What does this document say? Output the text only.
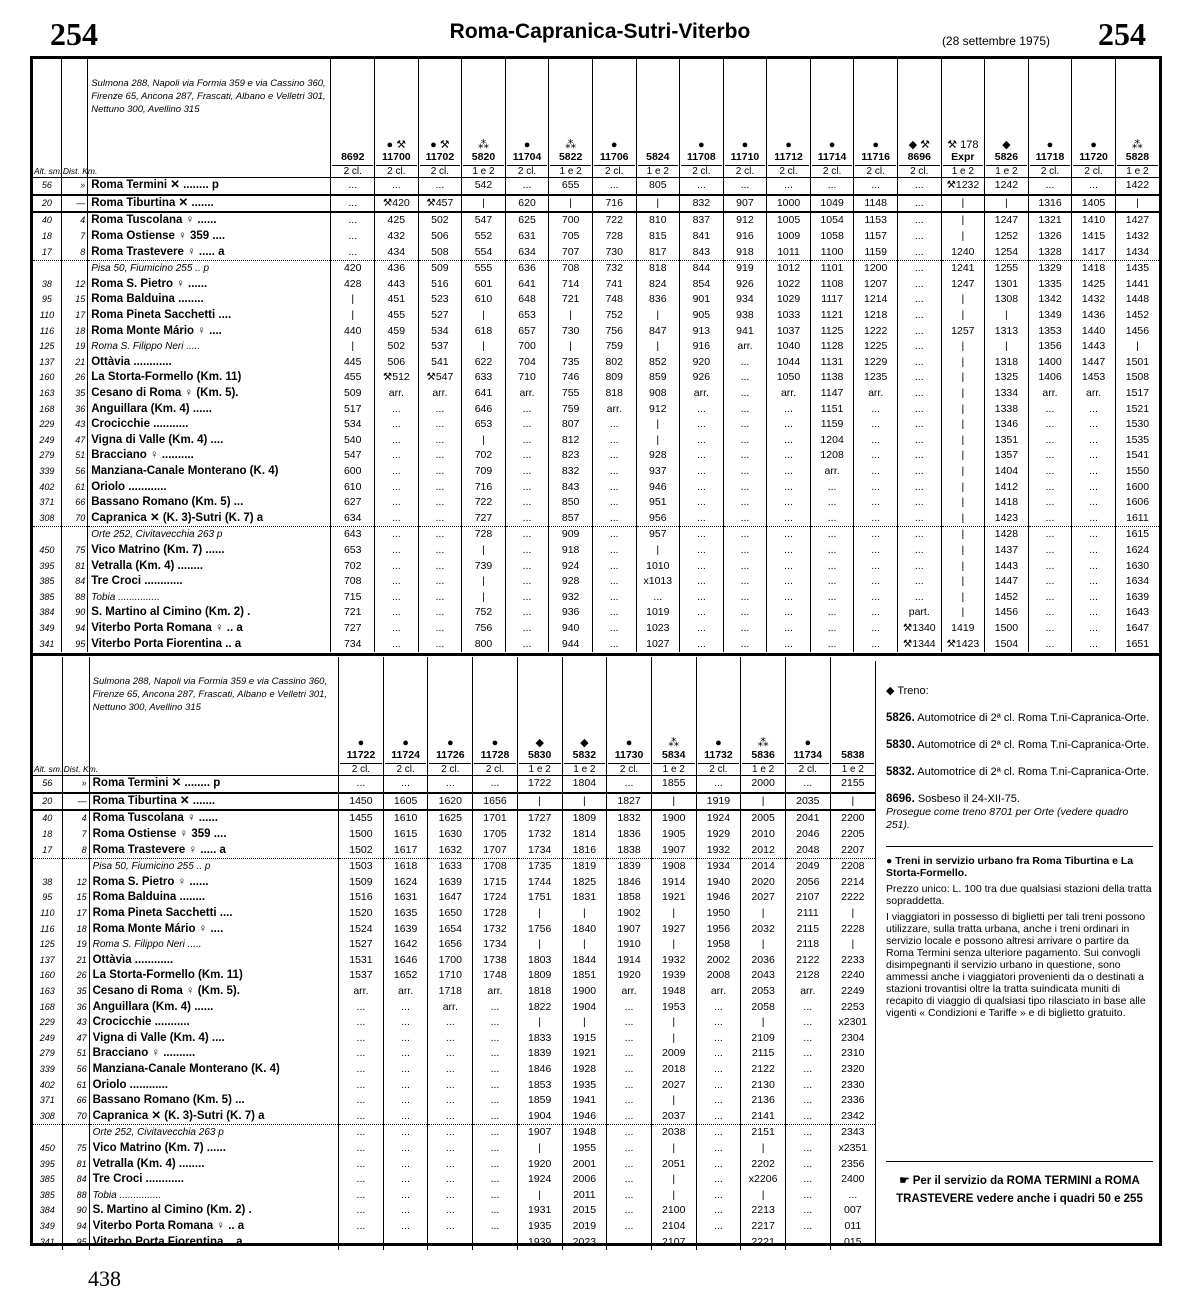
254	Roma-Capranica-Sutri-Viterbo	(28 settembre 1975) 254
Alt. sm.	Dist. Km.	Sulmona 288, Napoli via Formia 359 e via Cassino 360, Firenze 65, Ancona 287, Frascati, Albano e Velletri 301, Nettuno 300, Avellino 315	8692
2 cl.	● ⚒
11700
2 cl.	● ⚒
11702
2 cl.	⁂
5820
1 e 2	●
11704
2 cl.	⁂
5822
1 e 2	●
11706
2 cl.	5824
1 e 2	●
11708
2 cl.	●
11710
2 cl.	●
11712
2 cl.	●
11714
2 cl.	●
11716
2 cl.	◆ ⚒
8696
2 cl.	⚒ 178
Expr
1 e 2	◆
5826
1 e 2	●
11718
2 cl.	●
11720
2 cl.	⁂
5828
1 e 2

56	»	Roma Termini ✕ ........ p	...	...	...	542	...	655	...	805	...	...	...	...	...	...	⚒1232	1242	...	...	1422
20	—	Roma Tiburtina ✕ .......	...	⚒420	⚒457	|	620	|	716	|	832	907	1000	1049	1148	...	|	|	1316	1405	|
40	4	Roma Tuscolana ♀ ......	...	425	502	547	625	700	722	810	837	912	1005	1054	1153	...	|	1247	1321	1410	1427
18	7	Roma Ostiense ♀ 359 ....	...	432	506	552	631	705	728	815	841	916	1009	1058	1157	...	|	1252	1326	1415	1432
17	8	Roma Trastevere ♀ ..... a	...	434	508	554	634	707	730	817	843	918	1011	1100	1159	...	1240	1254	1328	1417	1434
		Pisa 50, Fiumicino 255 .. p	420	436	509	555	636	708	732	818	844	919	1012	1101	1200	...	1241	1255	1329	1418	1435
38	12	Roma S. Pietro ♀ ......	428	443	516	601	641	714	741	824	854	926	1022	1108	1207	...	1247	1301	1335	1425	1441
95	15	Roma Balduina ........	|	451	523	610	648	721	748	836	901	934	1029	1117	1214	...	|	1308	1342	1432	1448
110	17	Roma Pineta Sacchetti ....	|	455	527	|	653	|	752	|	905	938	1033	1121	1218	...	|	|	1349	1436	1452
116	18	Roma Monte Mário ♀ ....	440	459	534	618	657	730	756	847	913	941	1037	1125	1222	...	1257	1313	1353	1440	1456
125	19	Roma S. Filippo Neri .....	|	502	537	|	700	|	759	|	916	arr.	1040	1128	1225	...	|	|	1356	1443	|
137	21	Ottàvia ............	445	506	541	622	704	735	802	852	920	...	1044	1131	1229	...	|	1318	1400	1447	1501
160	26	La Storta-Formello (Km. 11)	455	⚒512	⚒547	633	710	746	809	859	926	...	1050	1138	1235	...	|	1325	1406	1453	1508
163	35	Cesano di Roma ♀ (Km. 5).	509	arr.	arr.	641	arr.	755	818	908	arr.	...	arr.	1147	arr.	...	|	1334	arr.	arr.	1517
168	36	Anguillara (Km. 4) ......	517	...	...	646	...	759	arr.	912	...	...	...	1151	...	...	|	1338	...	...	1521
229	43	Crocicchie ...........	534	...	...	653	...	807	...	|	...	...	...	1159	...	...	|	1346	...	...	1530
249	47	Vigna di Valle (Km. 4) ....	540	...	...	|	...	812	...	|	...	...	...	1204	...	...	|	1351	...	...	1535
279	51	Bracciano ♀ ..........	547	...	...	702	...	823	...	928	...	...	...	1208	...	...	|	1357	...	...	1541
339	56	Manziana-Canale Monterano (K. 4)	600	...	...	709	...	832	...	937	...	...	...	arr.	...	...	|	1404	...	...	1550
402	61	Oriolo ............	610	...	...	716	...	843	...	946	...	...	...	...	...	...	|	1412	...	...	1600
371	66	Bassano Romano (Km. 5) ...	627	...	...	722	...	850	...	951	...	...	...	...	...	...	|	1418	...	...	1606
308	70	Capranica ✕ (K. 3)-Sutri (K. 7) a	634	...	...	727	...	857	...	956	...	...	...	...	...	...	|	1423	...	...	1611
		Orte 252, Civitavecchia 263 p	643	...	...	728	...	909	...	957	...	...	...	...	...	...	|	1428	...	...	1615
450	75	Vico Matrino (Km. 7) ......	653	...	...	|	...	918	...	|	...	...	...	...	...	...	|	1437	...	...	1624
395	81	Vetralla (Km. 4) ........	702	...	...	739	...	924	...	1010	...	...	...	...	...	...	|	1443	...	...	1630
385	84	Tre Croci ............	708	...	...	|	...	928	...	x1013	...	...	...	...	...	...	|	1447	...	...	1634
385	88	Tobia ...............	715	...	...	|	...	932	...	...	...	...	...	...	...	...	|	1452	...	...	1639
384	90	S. Martino al Cimino (Km. 2) .	721	...	...	752	...	936	...	1019	...	...	...	...	...	part.	|	1456	...	...	1643
349	94	Viterbo Porta Romana ♀ .. a	727	...	...	756	...	940	...	1023	...	...	...	...	...	⚒1340	1419	1500	...	...	1647
341	95	Viterbo Porta Fiorentina .. a	734	...	...	800	...	944	...	1027	...	...	...	...	...	⚒1344	⚒1423	1504	...	...	1651
Alt. sm.	Dist. Km.	Sulmona 288, Napoli via Formia 359 e via Cassino 360, Firenze 65, Ancona 287, Frascati, Albano e Velletri 301, Nettuno 300, Avellino 315	●
11722
2 cl.	●
11724
2 cl.	●
11726
2 cl.	●
11728
2 cl.	◆
5830
1 e 2	◆
5832
1 e 2	●
11730
2 cl.	⁂
5834
1 e 2	●
11732
2 cl.	⁂
5836
1 e 2	●
11734
2 cl.	5838
1 e 2

56	»	Roma Termini ✕ ........ p	...	...	...	...	1722	1804	...	1855	...	2000	...	2155
20	—	Roma Tiburtina ✕ .......	1450	1605	1620	1656	|	|	1827	|	1919	|	2035	|
40	4	Roma Tuscolana ♀ ......	1455	1610	1625	1701	1727	1809	1832	1900	1924	2005	2041	2200
18	7	Roma Ostiense ♀ 359 ....	1500	1615	1630	1705	1732	1814	1836	1905	1929	2010	2046	2205
17	8	Roma Trastevere ♀ ..... a	1502	1617	1632	1707	1734	1816	1838	1907	1932	2012	2048	2207
		Pisa 50, Fiumicino 255 .. p	1503	1618	1633	1708	1735	1819	1839	1908	1934	2014	2049	2208
38	12	Roma S. Pietro ♀ ......	1509	1624	1639	1715	1744	1825	1846	1914	1940	2020	2056	2214
95	15	Roma Balduina ........	1516	1631	1647	1724	1751	1831	1858	1921	1946	2027	2107	2222
110	17	Roma Pineta Sacchetti ....	1520	1635	1650	1728	|	|	1902	|	1950	|	2111	|
116	18	Roma Monte Mário ♀ ....	1524	1639	1654	1732	1756	1840	1907	1927	1956	2032	2115	2228
125	19	Roma S. Filippo Neri .....	1527	1642	1656	1734	|	|	1910	|	1958	|	2118	|
137	21	Ottàvia ............	1531	1646	1700	1738	1803	1844	1914	1932	2002	2036	2122	2233
160	26	La Storta-Formello (Km. 11)	1537	1652	1710	1748	1809	1851	1920	1939	2008	2043	2128	2240
163	35	Cesano di Roma ♀ (Km. 5).	arr.	arr.	1718	arr.	1818	1900	arr.	1948	arr.	2053	arr.	2249
168	36	Anguillara (Km. 4) ......	...	...	arr.	...	1822	1904	...	1953	...	2058	...	2253
229	43	Crocicchie ...........	...	...	...	...	|	|	...	|	...	|	...	x2301
249	47	Vigna di Valle (Km. 4) ....	...	...	...	...	1833	1915	...	|	...	2109	...	2304
279	51	Bracciano ♀ ..........	...	...	...	...	1839	1921	...	2009	...	2115	...	2310
339	56	Manziana-Canale Monterano (K. 4)	...	...	...	...	1846	1928	...	2018	...	2122	...	2320
402	61	Oriolo ............	...	...	...	...	1853	1935	...	2027	...	2130	...	2330
371	66	Bassano Romano (Km. 5) ...	...	...	...	...	1859	1941	...	|	...	2136	...	2336
308	70	Capranica ✕ (K. 3)-Sutri (K. 7) a	...	...	...	...	1904	1946	...	2037	...	2141	...	2342
		Orte 252, Civitavecchia 263 p	...	...	...	...	1907	1948	...	2038	...	2151	...	2343
450	75	Vico Matrino (Km. 7) ......	...	...	...	...	|	1955	...	|	...	|	...	x2351
395	81	Vetralla (Km. 4) ........	...	...	...	...	1920	2001	...	2051	...	2202	...	2356
385	84	Tre Croci ............	...	...	...	...	1924	2006	...	|	...	x2206	...	2400
385	88	Tobia ...............	...	...	...	...	|	2011	...	|	...	|	...	...
384	90	S. Martino al Cimino (Km. 2) .	...	...	...	...	1931	2015	...	2100	...	2213	...	007
349	94	Viterbo Porta Romana ♀ .. a	...	...	...	...	1935	2019	...	2104	...	2217	...	011
341	95	Viterbo Porta Fiorentina .. a	...	...	...	...	1939	2023	...	2107	...	2221	...	015
◆ Treno:
5826. Automotrice di 2ª cl. Roma T.ni-Capranica-Orte.
5830. Automotrice di 2ª cl. Roma T.ni-Capranica-Orte.
5832. Automotrice di 2ª cl. Roma T.ni-Capranica-Orte.
8696. Sosbeso il 24-XII-75.
Prosegue come treno 8701 per Orte (vedere quadro 251).
● Treni in servizio urbano fra Roma Tiburtina e La Storta-Formello.
Prezzo unico: L. 100 tra due qualsiasi stazioni della tratta sopraddetta.
I viaggiatori in possesso di biglietti per tali treni possono utilizzare, sulla tratta urbana, anche i treni ordinari in servizio locale e possono altresi arrivare o partire da Roma Termini senza ulteriore pagamento. Sui convogli disimpegnanti il servizio urbano in questione, sono ammessi anche i viaggiatori provenienti da o destinati a stazioni trovantisi oltre la tratta suindicata muniti di recapito di viaggio di qualsiasi tipo rilasciato in base alle vigenti « Condizioni e Tariffe » e di biglietto gratuito.
☛ Per il servizio da ROMA TERMINI a ROMA TRASTEVERE vedere anche i quadri 50 e 255
438
